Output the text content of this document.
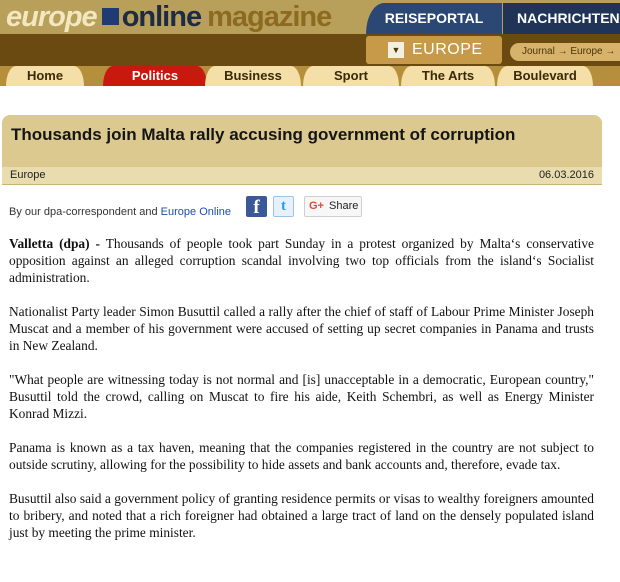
europe online magazine	REISEPORTAL	NACHRICHTEN
▼ EUROPE	Journal → Europe →
Home	Politics	Business	Sport	The Arts	Boulevard
Thousands join Malta rally accusing government of corruption
Europe	06.03.2016
By our dpa-correspondent and Europe Online	f	t	G+ Share

Valletta (dpa) - Thousands of people took part Sunday in a protest organized by Malta‘s conservative opposition against an alleged corruption scandal involving two top officials from the island‘s Socialist administration.

Nationalist Party leader Simon Busuttil called a rally after the chief of staff of Labour Prime Minister Joseph Muscat and a member of his government were accused of setting up secret companies in Panama and trusts in New Zealand.

"What people are witnessing today is not normal and [is] unacceptable in a democratic, European country," Busuttil told the crowd, calling on Muscat to fire his aide, Keith Schembri, as well as Energy Minister Konrad Mizzi.

Panama is known as a tax haven, meaning that the companies registered in the country are not subject to outside scrutiny, allowing for the possibility to hide assets and bank accounts and, therefore, evade tax.

Busuttil also said a government policy of granting residence permits or visas to wealthy foreigners amounted to bribery, and noted that a rich foreigner had obtained a large tract of land on the densely populated island just by meeting the prime minister.
